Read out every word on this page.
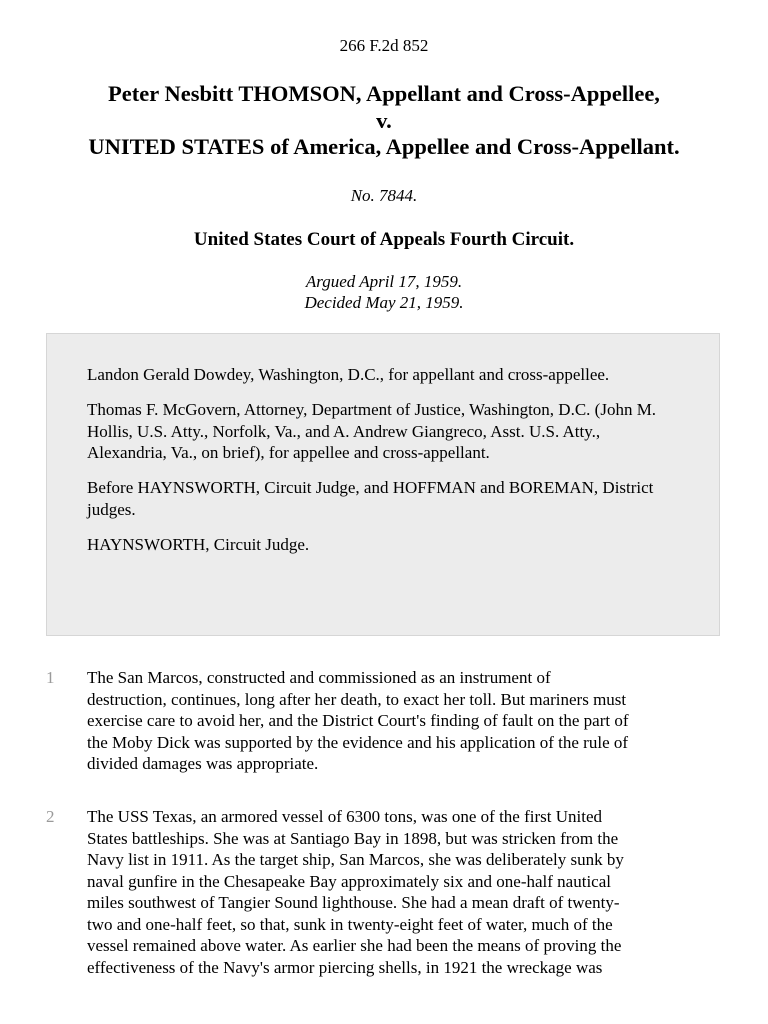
266 F.2d 852
Peter Nesbitt THOMSON, Appellant and Cross-Appellee,
v.
UNITED STATES of America, Appellee and Cross-Appellant.
No. 7844.
United States Court of Appeals Fourth Circuit.
Argued April 17, 1959.
Decided May 21, 1959.

Landon Gerald Dowdey, Washington, D.C., for appellant and cross-appellee.

Thomas F. McGovern, Attorney, Department of Justice, Washington, D.C. (John M. Hollis, U.S. Atty., Norfolk, Va., and A. Andrew Giangreco, Asst. U.S. Atty., Alexandria, Va., on brief), for appellee and cross-appellant.

Before HAYNSWORTH, Circuit Judge, and HOFFMAN and BOREMAN, District judges.

HAYNSWORTH, Circuit Judge.

1 The San Marcos, constructed and commissioned as an instrument of
destruction, continues, long after her death, to exact her toll. But mariners must
exercise care to avoid her, and the District Court's finding of fault on the part of
the Moby Dick was supported by the evidence and his application of the rule of
divided damages was appropriate.
2 The USS Texas, an armored vessel of 6300 tons, was one of the first United
States battleships. She was at Santiago Bay in 1898, but was stricken from the
Navy list in 1911. As the target ship, San Marcos, she was deliberately sunk by
naval gunfire in the Chesapeake Bay approximately six and one-half nautical
miles southwest of Tangier Sound lighthouse. She had a mean draft of twenty-
two and one-half feet, so that, sunk in twenty-eight feet of water, much of the
vessel remained above water. As earlier she had been the means of proving the
effectiveness of the Navy's armor piercing shells, in 1921 the wreckage was
